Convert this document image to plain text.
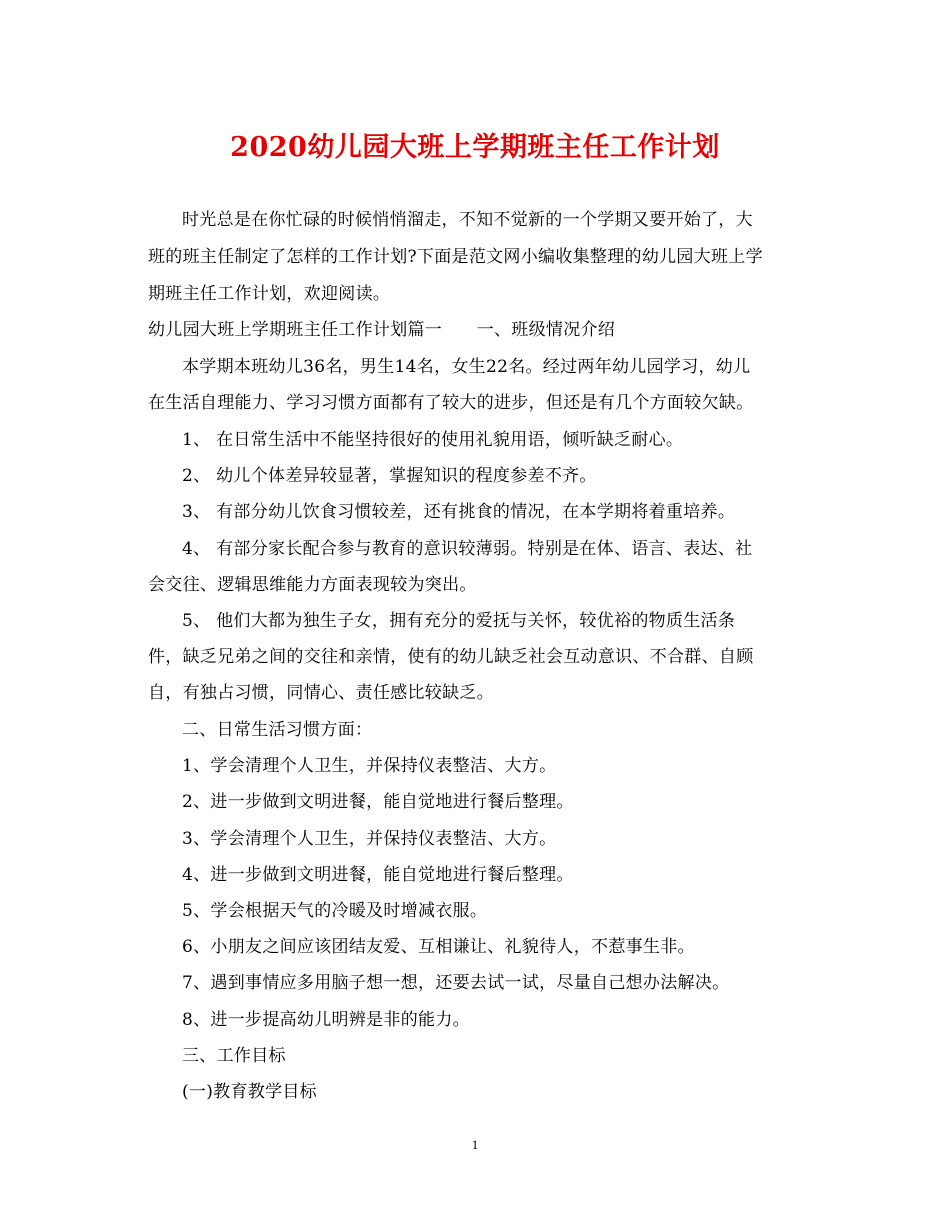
2020幼儿园大班上学期班主任工作计划
时光总是在你忙碌的时候悄悄溜走，不知不觉新的一个学期又要开始了，大
班的班主任制定了怎样的工作计划?下面是范文网小编收集整理的幼儿园大班上学
期班主任工作计划，欢迎阅读。
幼儿园大班上学期班主任工作计划篇一　　一、班级情况介绍
本学期本班幼儿36名，男生14名，女生22名。经过两年幼儿园学习，幼儿
在生活自理能力、学习习惯方面都有了较大的进步，但还是有几个方面较欠缺。
1、 在日常生活中不能坚持很好的使用礼貌用语，倾听缺乏耐心。
2、 幼儿个体差异较显著，掌握知识的程度参差不齐。
3、 有部分幼儿饮食习惯较差，还有挑食的情况，在本学期将着重培养。
4、 有部分家长配合参与教育的意识较薄弱。特别是在体、语言、表达、社
会交往、逻辑思维能力方面表现较为突出。
5、 他们大都为独生子女，拥有充分的爱抚与关怀，较优裕的物质生活条
件，缺乏兄弟之间的交往和亲情，使有的幼儿缺乏社会互动意识、不合群、自顾
自，有独占习惯，同情心、责任感比较缺乏。
二、日常生活习惯方面：
1、学会清理个人卫生，并保持仪表整洁、大方。
2、进一步做到文明进餐，能自觉地进行餐后整理。
3、学会清理个人卫生，并保持仪表整洁、大方。
4、进一步做到文明进餐，能自觉地进行餐后整理。
5、学会根据天气的冷暖及时增减衣服。
6、小朋友之间应该团结友爱、互相谦让、礼貌待人，不惹事生非。
7、遇到事情应多用脑子想一想，还要去试一试，尽量自己想办法解决。
8、进一步提高幼儿明辨是非的能力。
三、工作目标
(一)教育教学目标
1
